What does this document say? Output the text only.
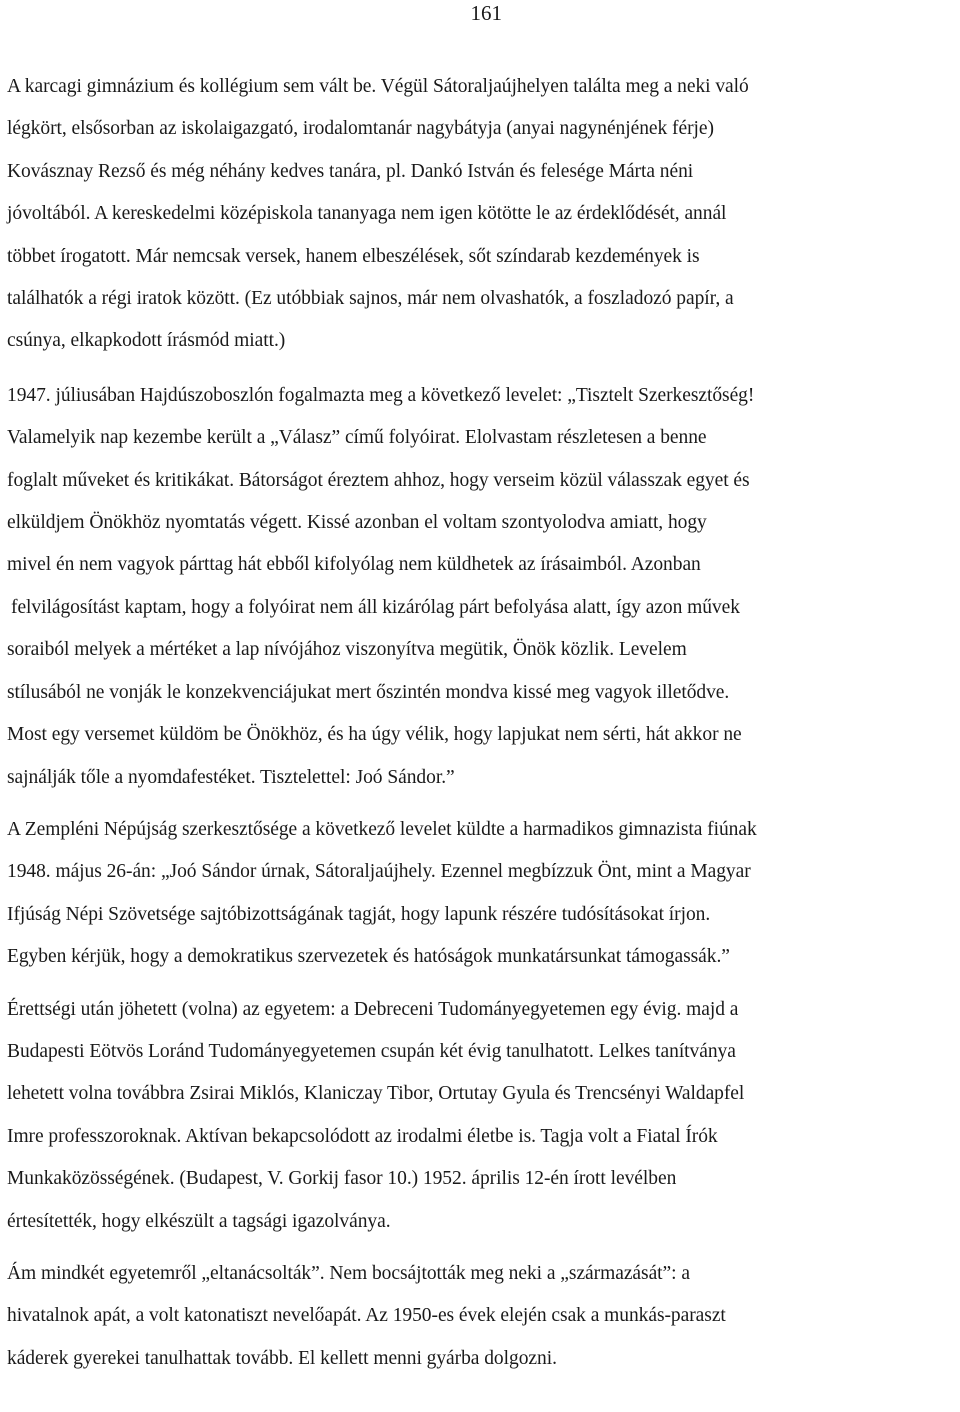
161

A karcagi gimnázium és kollégium sem vált be. Végül Sátoraljaújhelyen találta meg a neki való
légkört, elsősorban az iskolaigazgató, irodalomtanár nagybátyja (anyai nagynénjének férje)
Kovásznay Rezső és még néhány kedves tanára, pl. Dankó István és felesége Márta néni
jóvoltából. A kereskedelmi középiskola tananyaga nem igen kötötte le az érdeklődését, annál
többet írogatott. Már nemcsak versek, hanem elbeszélések, sőt színdarab kezdemények is
találhatók a régi iratok között. (Ez utóbbiak sajnos, már nem olvashatók, a foszladozó papír, a
csúnya, elkapkodott írásmód miatt.)

1947. júliusában Hajdúszoboszlón fogalmazta meg a következő levelet: „Tisztelt Szerkesztőség!
Valamelyik nap kezembe került a „Válasz” című folyóirat. Elolvastam részletesen a benne
foglalt műveket és kritikákat. Bátorságot éreztem ahhoz, hogy verseim közül válasszak egyet és
elküldjem Önökhöz nyomtatás végett. Kissé azonban el voltam szontyolodva amiatt, hogy
mivel én nem vagyok párttag hát ebből kifolyólag nem küldhetek az írásaimból. Azonban
felvilágosítást kaptam, hogy a folyóirat nem áll kizárólag párt befolyása alatt, így azon művek
soraiból melyek a mértéket a lap nívójához viszonyítva megütik, Önök közlik. Levelem
stílusából ne vonják le konzekvenciájukat mert őszintén mondva kissé meg vagyok illetődve.
Most egy versemet küldöm be Önökhöz, és ha úgy vélik, hogy lapjukat nem sérti, hát akkor ne
sajnálják tőle a nyomdafestéket. Tisztelettel: Joó Sándor.”

A Zempléni Népújság szerkesztősége a következő levelet küldte a harmadikos gimnazista fiúnak
1948. május 26-án: „Joó Sándor úrnak, Sátoraljaújhely. Ezennel megbízzuk Önt, mint a Magyar
Ifjúság Népi Szövetsége sajtóbizottságának tagját, hogy lapunk részére tudósításokat írjon.
Egyben kérjük, hogy a demokratikus szervezetek és hatóságok munkatársunkat támogassák.”

Érettségi után jöhetett (volna) az egyetem: a Debreceni Tudományegyetemen egy évig. majd a
Budapesti Eötvös Loránd Tudományegyetemen csupán két évig tanulhatott. Lelkes tanítványa
lehetett volna továbbra Zsirai Miklós, Klaniczay Tibor, Ortutay Gyula és Trencsényi Waldapfel
Imre professzoroknak. Aktívan bekapcsolódott az irodalmi életbe is. Tagja volt a Fiatal Írók
Munkaközösségének. (Budapest, V. Gorkij fasor 10.) 1952. április 12-én írott levélben
értesítették, hogy elkészült a tagsági igazolványa.

Ám mindkét egyetemről „eltanácsolták”. Nem bocsájtották meg neki a „származását”: a
hivatalnok apát, a volt katonatiszt nevelőapát. Az 1950-es évek elején csak a munkás-paraszt
káderek gyerekei tanulhattak tovább. El kellett menni gyárba dolgozni.
